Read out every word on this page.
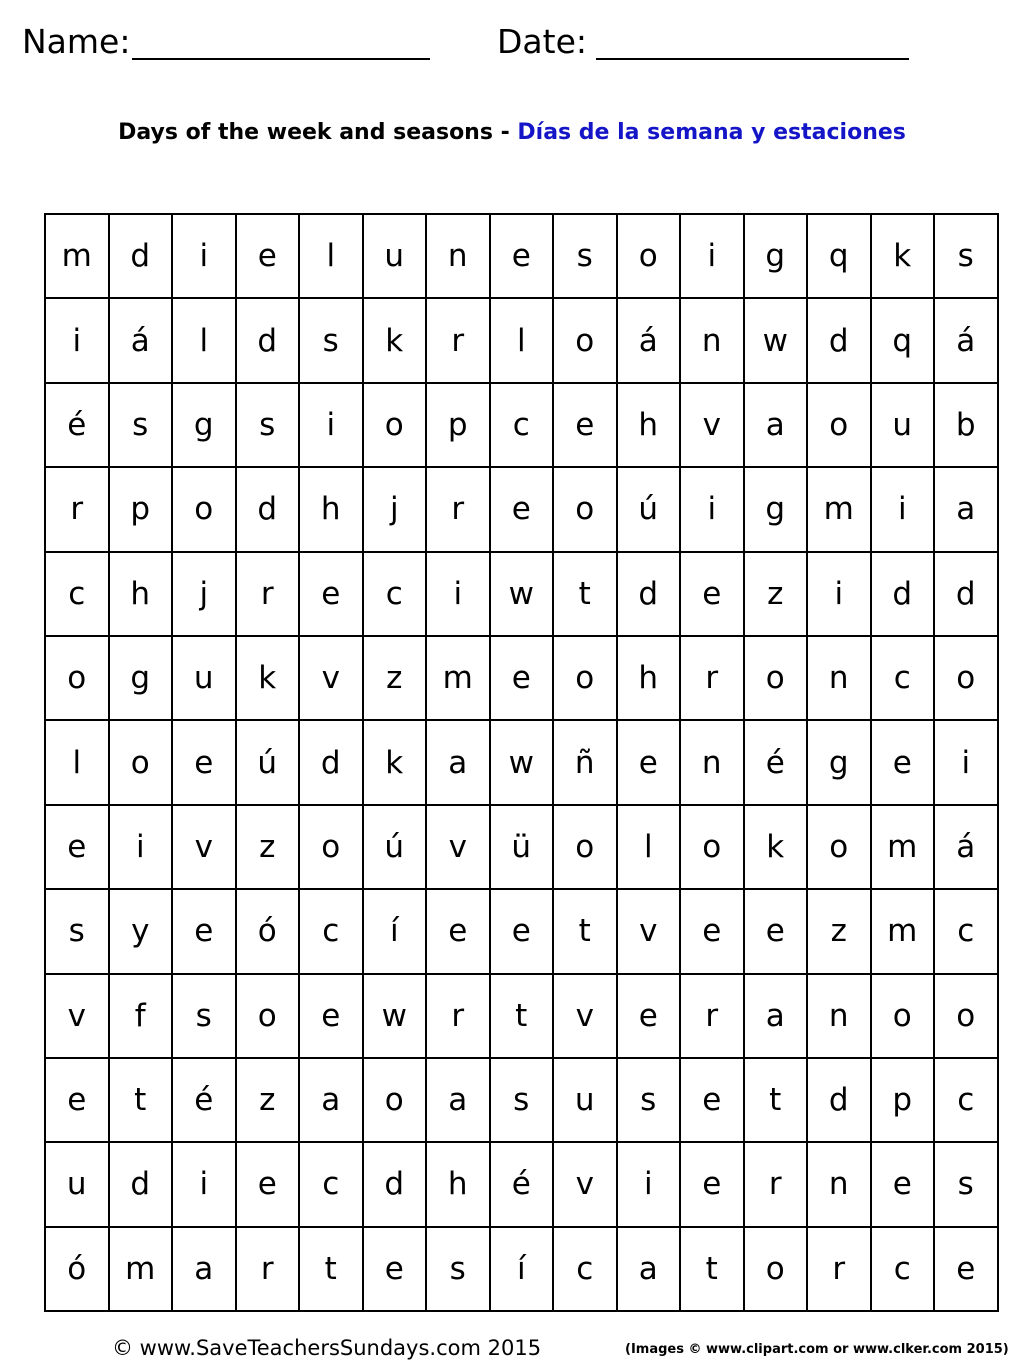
Name:	Date:
Days of the week and seasons - Días de la semana y estaciones
m	d	i	e	l	u	n	e	s	o	i	g	q	k	s
i	á	l	d	s	k	r	l	o	á	n	w	d	q	á
é	s	g	s	i	o	p	c	e	h	v	a	o	u	b
r	p	o	d	h	j	r	e	o	ú	i	g	m	i	a
c	h	j	r	e	c	i	w	t	d	e	z	i	d	d
o	g	u	k	v	z	m	e	o	h	r	o	n	c	o
l	o	e	ú	d	k	a	w	ñ	e	n	é	g	e	i
e	i	v	z	o	ú	v	ü	o	l	o	k	o	m	á
s	y	e	ó	c	í	e	e	t	v	e	e	z	m	c
v	f	s	o	e	w	r	t	v	e	r	a	n	o	o
e	t	é	z	a	o	a	s	u	s	e	t	d	p	c
u	d	i	e	c	d	h	é	v	i	e	r	n	e	s
ó	m	a	r	t	e	s	í	c	a	t	o	r	c	e
© www.SaveTeachersSundays.com 2015	(Images © www.clipart.com or www.clker.com 2015)
